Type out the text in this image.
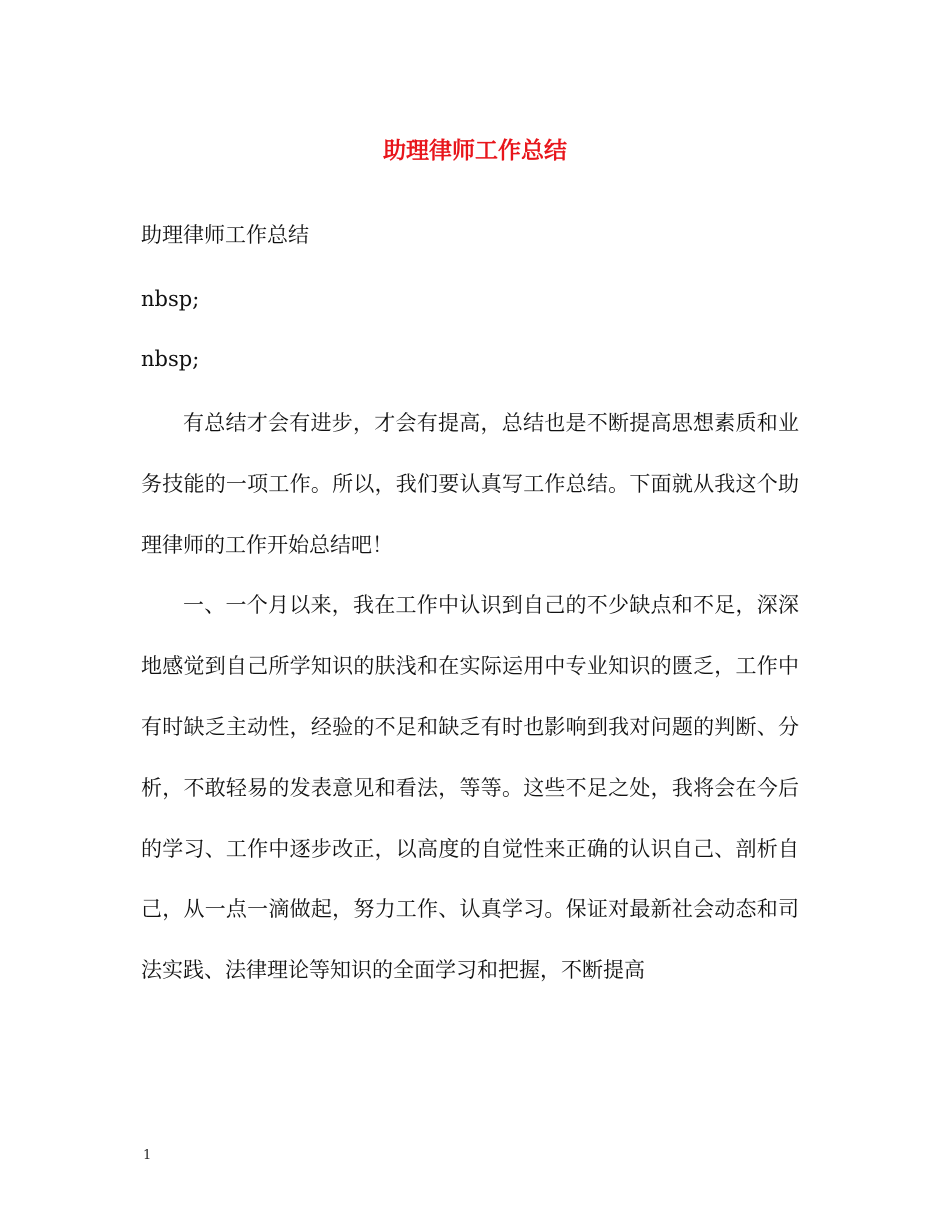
助理律师工作总结
助理律师工作总结
nbsp;
nbsp;

有总结才会有进步，才会有提高，总结也是不断提高思想素质和业务技能的一项工作。所以，我们要认真写工作总结。下面就从我这个助理律师的工作开始总结吧！

一、一个月以来，我在工作中认识到自己的不少缺点和不足，深深地感觉到自己所学知识的肤浅和在实际运用中专业知识的匮乏，工作中有时缺乏主动性，经验的不足和缺乏有时也影响到我对问题的判断、分析，不敢轻易的发表意见和看法，等等。这些不足之处，我将会在今后的学习、工作中逐步改正，以高度的自觉性来正确的认识自己、剖析自己，从一点一滴做起，努力工作、认真学习。保证对最新社会动态和司法实践、法律理论等知识的全面学习和把握，不断提高

1
